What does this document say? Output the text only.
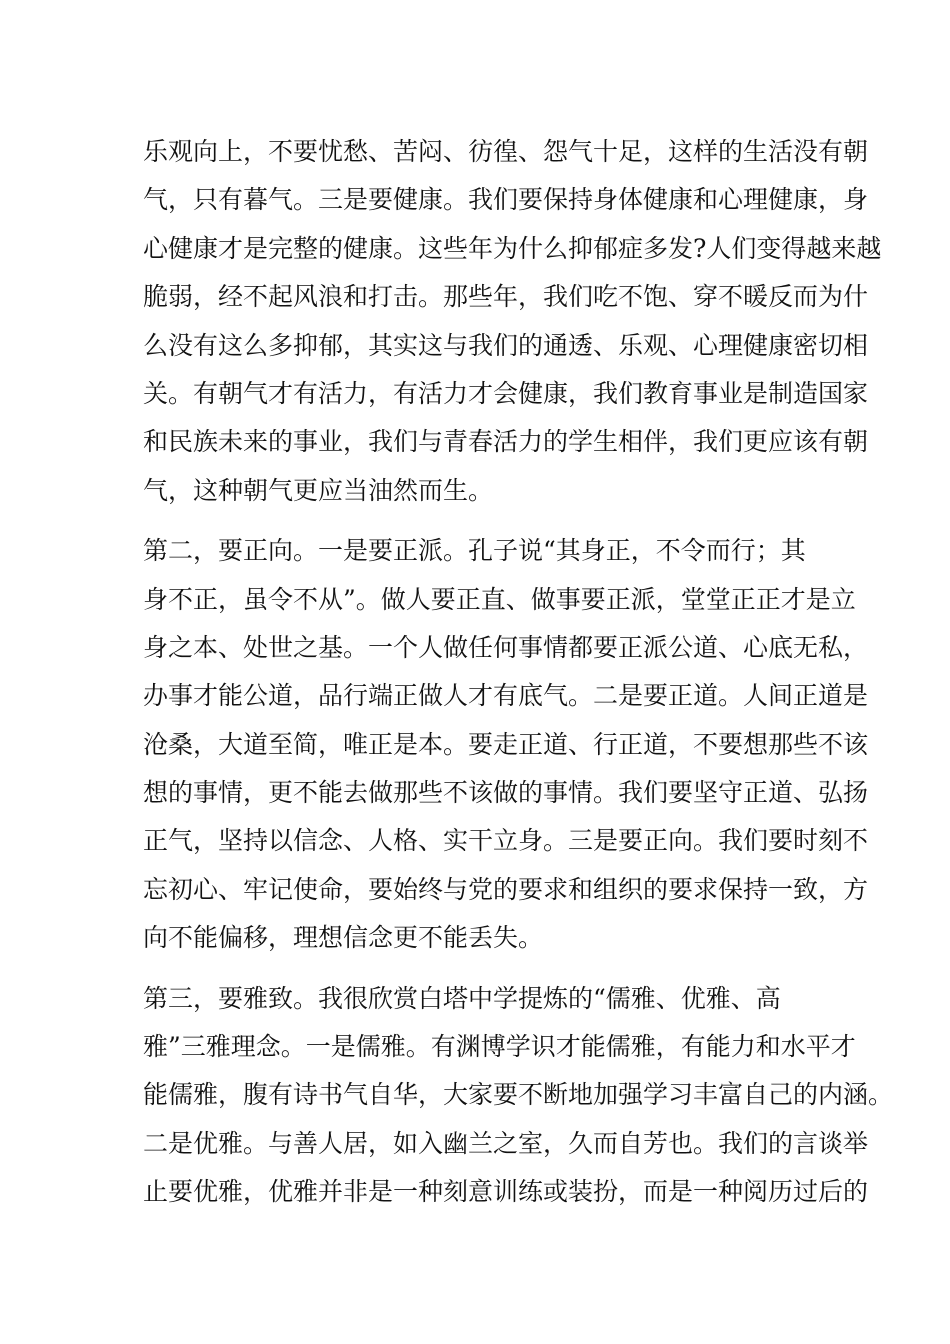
乐观向上，不要忧愁、苦闷、彷徨、怨气十足，这样的生活没有朝
气，只有暮气。三是要健康。我们要保持身体健康和心理健康，身
心健康才是完整的健康。这些年为什么抑郁症多发?人们变得越来越
脆弱，经不起风浪和打击。那些年，我们吃不饱、穿不暖反而为什
么没有这么多抑郁，其实这与我们的通透、乐观、心理健康密切相
关。有朝气才有活力，有活力才会健康，我们教育事业是制造国家
和民族未来的事业，我们与青春活力的学生相伴，我们更应该有朝
气，这种朝气更应当油然而生。
第二，要正向。一是要正派。孔子说“其身正，不令而行；其
身不正，虽令不从”。做人要正直、做事要正派，堂堂正正才是立
身之本、处世之基。一个人做任何事情都要正派公道、心底无私，
办事才能公道，品行端正做人才有底气。二是要正道。人间正道是
沧桑，大道至简，唯正是本。要走正道、行正道，不要想那些不该
想的事情，更不能去做那些不该做的事情。我们要坚守正道、弘扬
正气，坚持以信念、人格、实干立身。三是要正向。我们要时刻不
忘初心、牢记使命，要始终与党的要求和组织的要求保持一致，方
向不能偏移，理想信念更不能丢失。
第三，要雅致。我很欣赏白塔中学提炼的“儒雅、优雅、高
雅”三雅理念。一是儒雅。有渊博学识才能儒雅，有能力和水平才
能儒雅，腹有诗书气自华，大家要不断地加强学习丰富自己的内涵。
二是优雅。与善人居，如入幽兰之室，久而自芳也。我们的言谈举
止要优雅，优雅并非是一种刻意训练或装扮，而是一种阅历过后的
